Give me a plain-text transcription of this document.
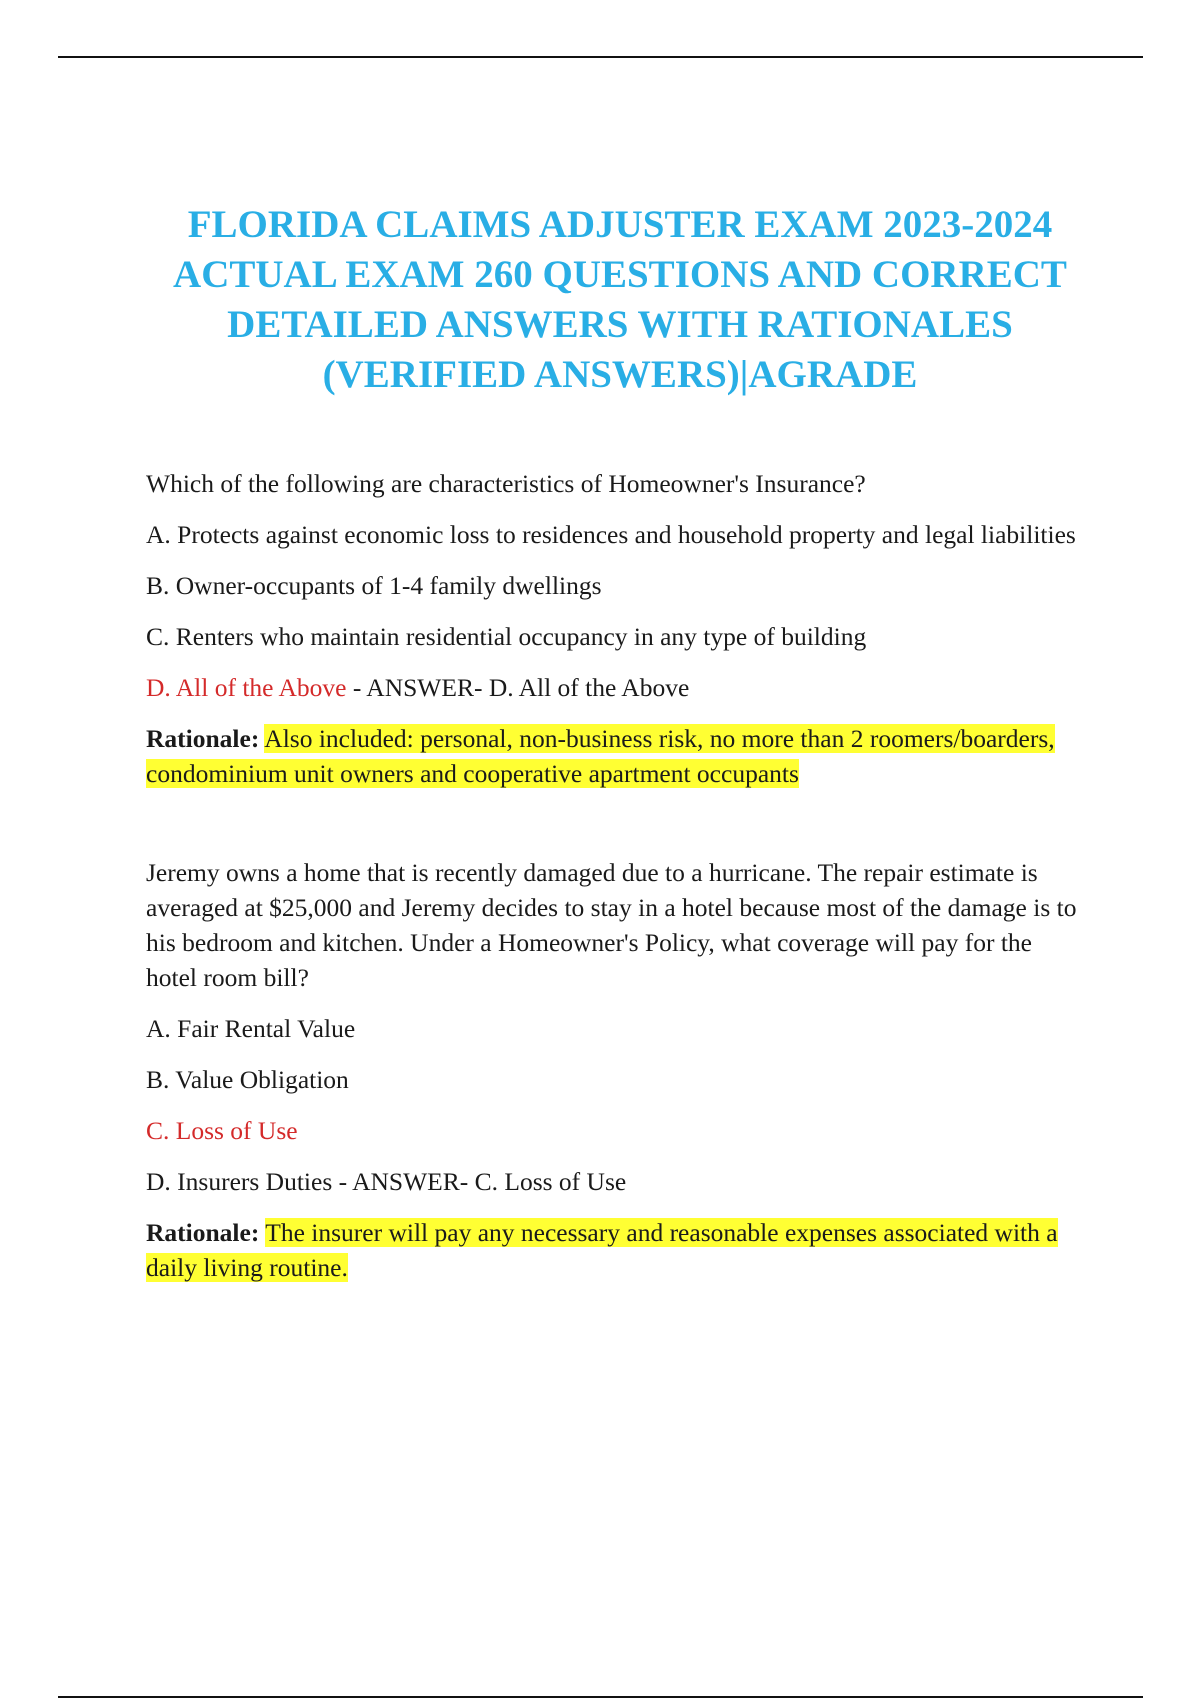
FLORIDA CLAIMS ADJUSTER EXAM 2023-2024
ACTUAL EXAM 260 QUESTIONS AND CORRECT
DETAILED ANSWERS WITH RATIONALES
(VERIFIED ANSWERS)|AGRADE

Which of the following are characteristics of Homeowner's Insurance?

A. Protects against economic loss to residences and household property and legal liabilities

B. Owner-occupants of 1-4 family dwellings

C. Renters who maintain residential occupancy in any type of building

D. All of the Above - ANSWER- D. All of the Above

Rationale: Also included: personal, non-business risk, no more than 2 roomers/boarders, condominium unit owners and cooperative apartment occupants

Jeremy owns a home that is recently damaged due to a hurricane. The repair estimate is averaged at $25,000 and Jeremy decides to stay in a hotel because most of the damage is to his bedroom and kitchen. Under a Homeowner's Policy, what coverage will pay for the hotel room bill?

A. Fair Rental Value

B. Value Obligation

C. Loss of Use

D. Insurers Duties - ANSWER- C. Loss of Use

Rationale: The insurer will pay any necessary and reasonable expenses associated with a daily living routine.
